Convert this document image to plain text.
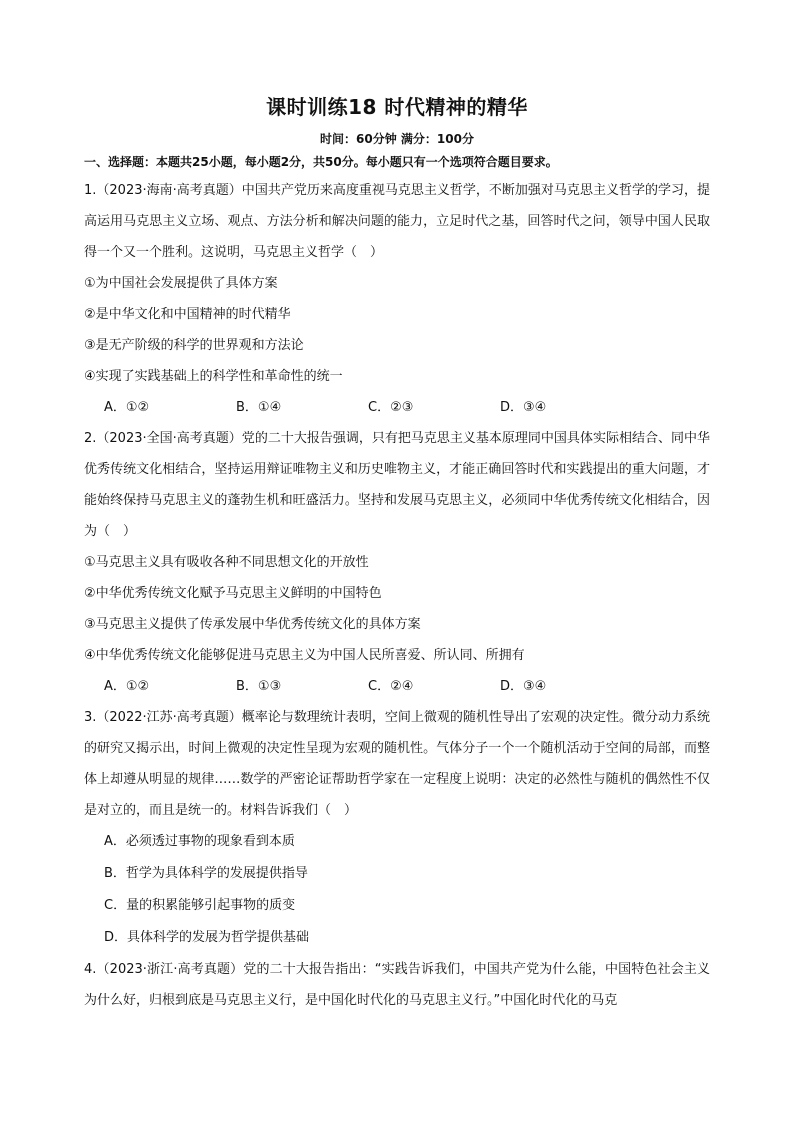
课时训练18 时代精神的精华
时间：60分钟 满分：100分
一、选择题：本题共25小题，每小题2分，共50分。每小题只有一个选项符合题目要求。

1.（2023·海南·高考真题）中国共产党历来高度重视马克思主义哲学，不断加强对马克思主义哲学的学习，提高运用马克思主义立场、观点、方法分析和解决问题的能力，立足时代之基，回答时代之问，领导中国人民取得一个又一个胜利。这说明，马克思主义哲学（　）

①为中国社会发展提供了具体方案

②是中华文化和中国精神的时代精华

③是无产阶级的科学的世界观和方法论

④实现了实践基础上的科学性和革命性的统一

A．①②	B．①④	C．②③	D．③④

2.（2023·全国·高考真题）党的二十大报告强调，只有把马克思主义基本原理同中国具体实际相结合、同中华优秀传统文化相结合，坚持运用辩证唯物主义和历史唯物主义，才能正确回答时代和实践提出的重大问题，才能始终保持马克思主义的蓬勃生机和旺盛活力。坚持和发展马克思主义，必须同中华优秀传统文化相结合，因为（　）

①马克思主义具有吸收各种不同思想文化的开放性

②中华优秀传统文化赋予马克思主义鲜明的中国特色

③马克思主义提供了传承发展中华优秀传统文化的具体方案

④中华优秀传统文化能够促进马克思主义为中国人民所喜爱、所认同、所拥有

A．①②	B．①③	C．②④	D．③④

3.（2022·江苏·高考真题）概率论与数理统计表明，空间上微观的随机性导出了宏观的决定性。微分动力系统的研究又揭示出，时间上微观的决定性呈现为宏观的随机性。气体分子一个一个随机活动于空间的局部，而整体上却遵从明显的规律……数学的严密论证帮助哲学家在一定程度上说明：决定的必然性与随机的偶然性不仅是对立的，而且是统一的。材料告诉我们（　）

A．必须透过事物的现象看到本质
B．哲学为具体科学的发展提供指导
C．量的积累能够引起事物的质变
D．具体科学的发展为哲学提供基础

4.（2023·浙江·高考真题）党的二十大报告指出：“实践告诉我们，中国共产党为什么能，中国特色社会主义为什么好，归根到底是马克思主义行，是中国化时代化的马克思主义行。”中国化时代化的马克
